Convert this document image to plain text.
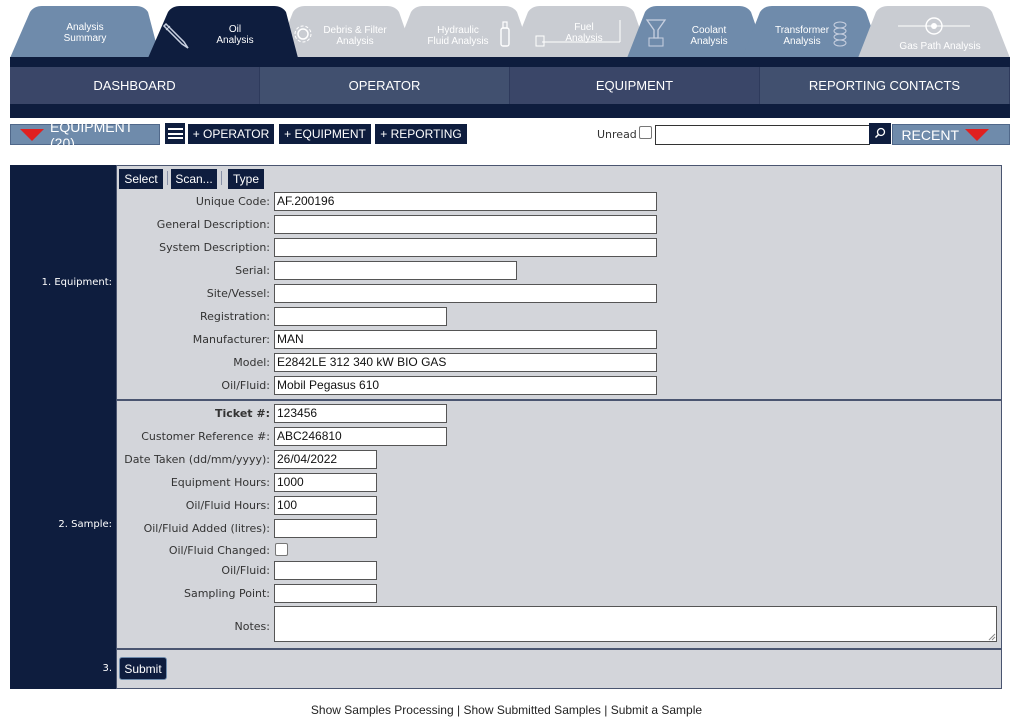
Analysis
Summary
Oil
Analysis
Debris & Filter
Analysis
Hydraulic
Fluid Analysis
Fuel
Analysis
Coolant
Analysis
Transformer
Analysis	Gas Path Analysis
DASHBOARD	OPERATOR	EQUIPMENT	REPORTING CONTACTS
EQUIPMENT (20)
+ OPERATOR	+ EQUIPMENT	+ REPORTING	Unread	RECENT
1. Equipment:
2. Sample:
3.
Select	Scan...	Type
Unique Code: AF.200196
General Description:
System Description:
Serial:
Site/Vessel:
Registration:
Manufacturer: MAN
Model: E2842LE 312 340 kW BIO GAS
Oil/Fluid: Mobil Pegasus 610
Ticket #: 123456
Customer Reference #: ABC246810
Date Taken (dd/mm/yyyy): 26/04/2022
Equipment Hours: 1000
Oil/Fluid Hours: 100
Oil/Fluid Added (litres):
Oil/Fluid Changed:
Oil/Fluid:
Sampling Point:
Notes:
Submit
Show Samples Processing | Show Submitted Samples | Submit a Sample
